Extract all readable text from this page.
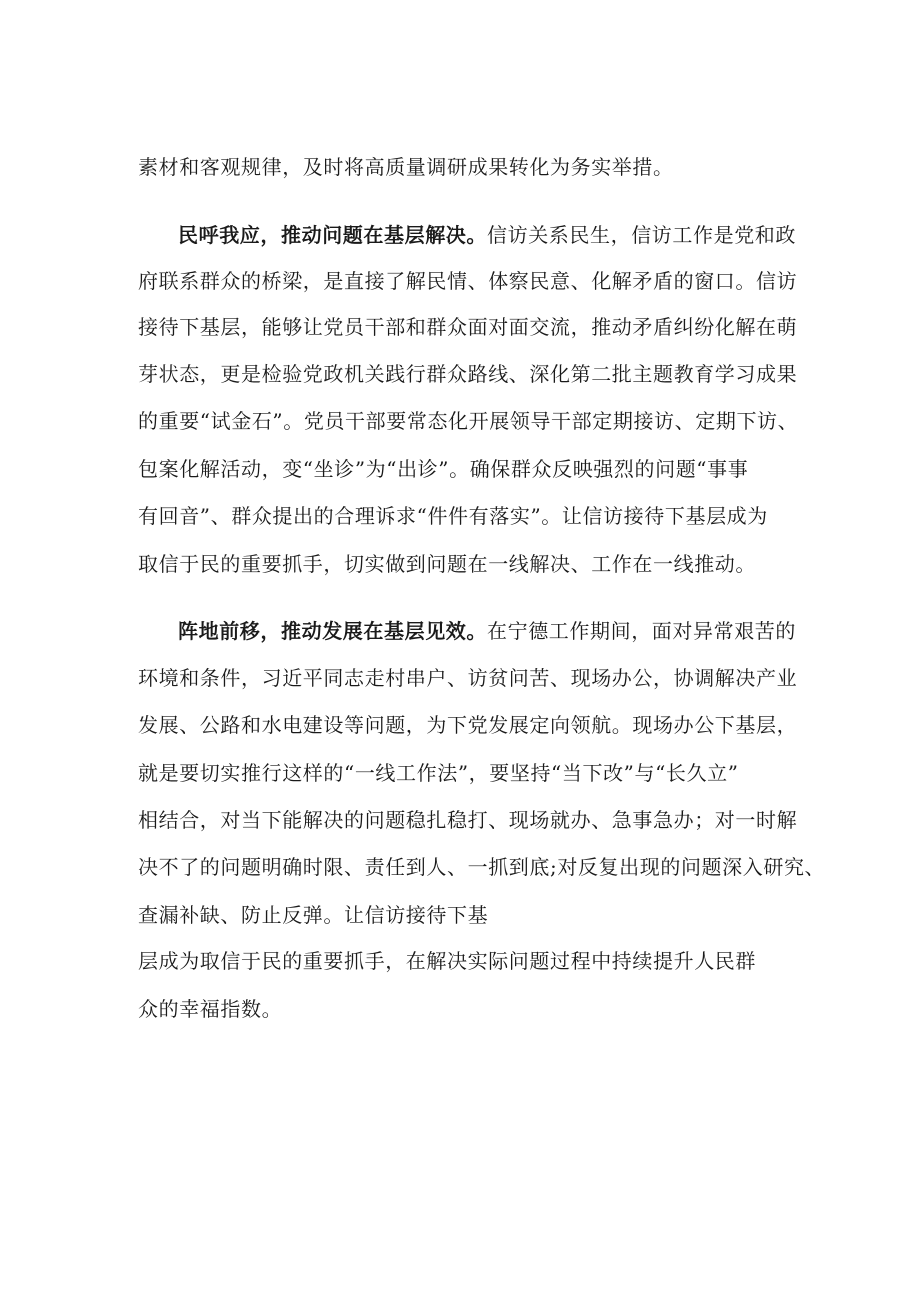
素材和客观规律，及时将高质量调研成果转化为务实举措。
民呼我应，推动问题在基层解决。信访关系民生，信访工作是党和政
府联系群众的桥梁，是直接了解民情、体察民意、化解矛盾的窗口。信访
接待下基层，能够让党员干部和群众面对面交流，推动矛盾纠纷化解在萌
芽状态，更是检验党政机关践行群众路线、深化第二批主题教育学习成果
的重要“试金石”。党员干部要常态化开展领导干部定期接访、定期下访、
包案化解活动，变“坐诊”为“出诊”。确保群众反映强烈的问题“事事
有回音”、群众提出的合理诉求“件件有落实”。让信访接待下基层成为
取信于民的重要抓手，切实做到问题在一线解决、工作在一线推动。
阵地前移，推动发展在基层见效。在宁德工作期间，面对异常艰苦的
环境和条件，习近平同志走村串户、访贫问苦、现场办公，协调解决产业
发展、公路和水电建设等问题，为下党发展定向领航。现场办公下基层，
就是要切实推行这样的“一线工作法”，要坚持“当下改”与“长久立”
相结合，对当下能解决的问题稳扎稳打、现场就办、急事急办；对一时解
决不了的问题明确时限、责任到人、一抓到底;对反复出现的问题深入研究、
查漏补缺、防止反弹。让信访接待下基
层成为取信于民的重要抓手，在解决实际问题过程中持续提升人民群
众的幸福指数。
